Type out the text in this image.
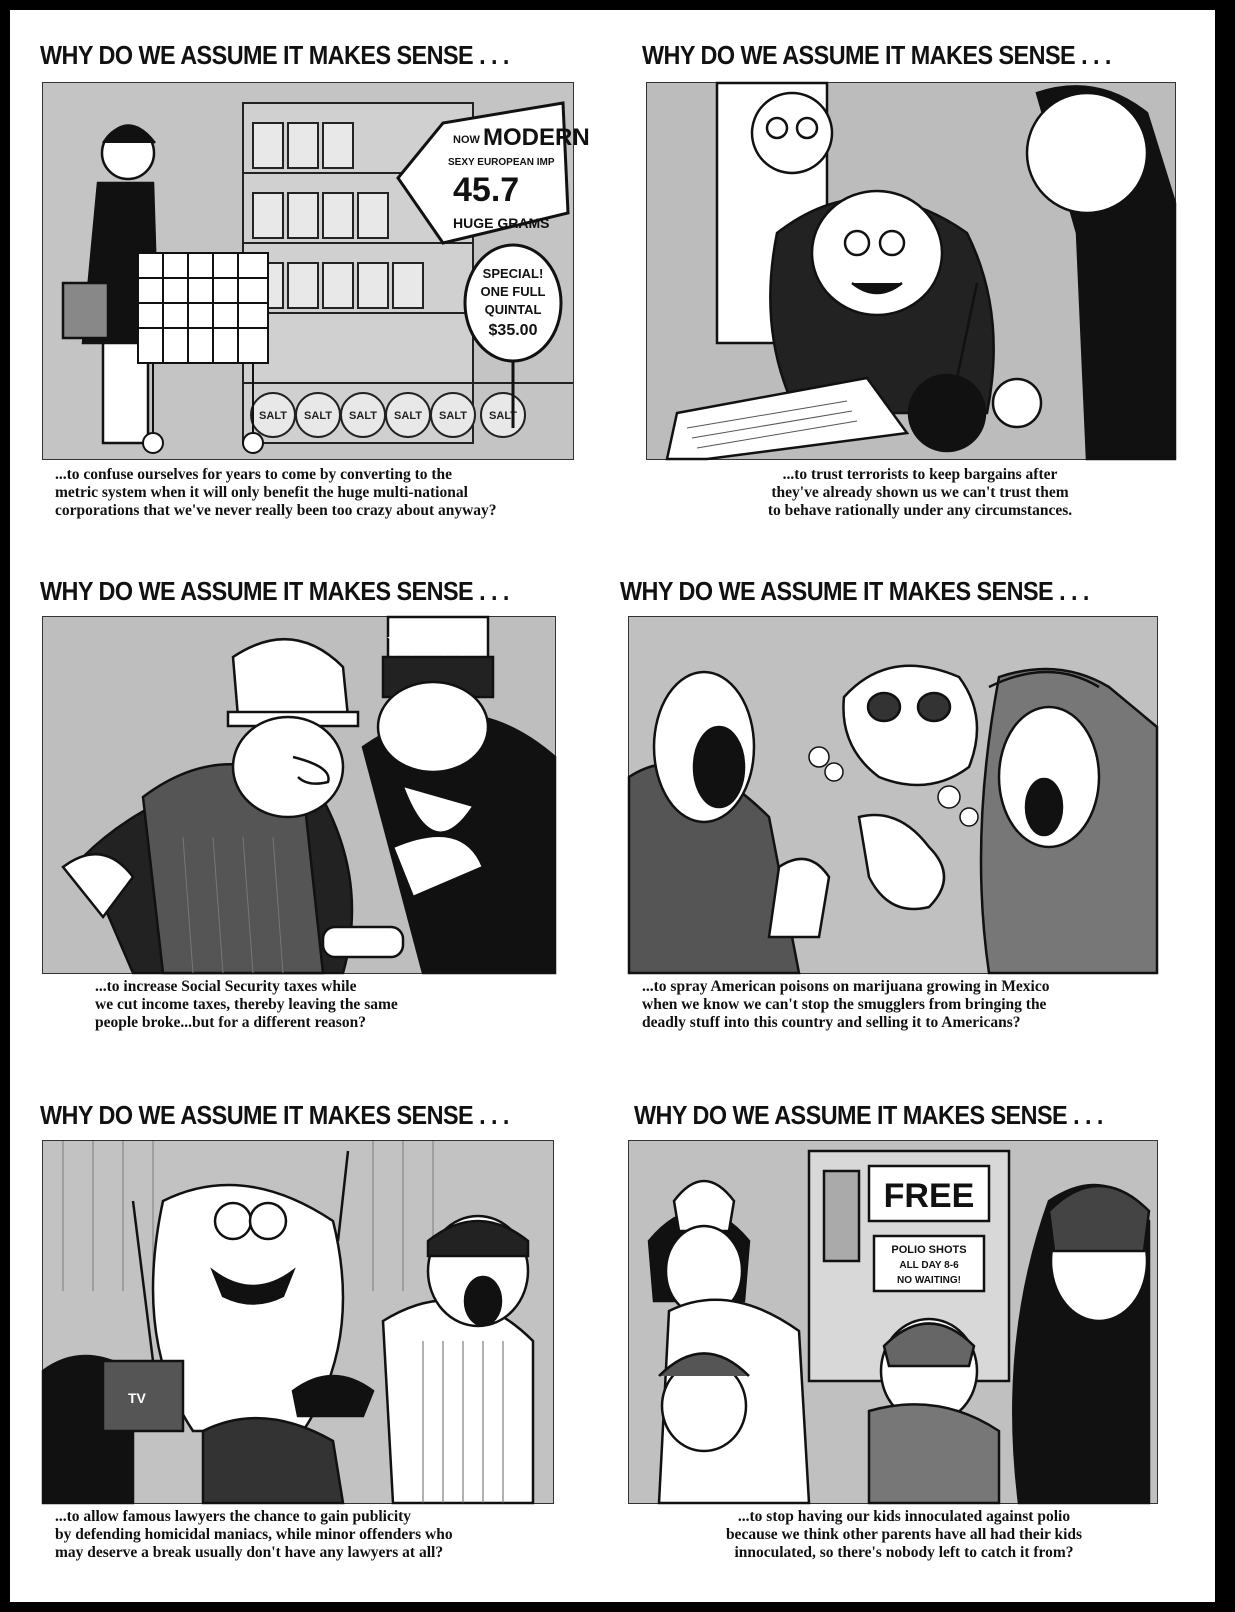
WHY DO WE ASSUME IT MAKES SENSE . . .
SALT SALT SALT SALT SALT SALT
NOW MODERN
SEXY EUROPEAN IMP
45.7
HUGE GRAMS
SPECIAL!
ONE FULL
QUINTAL
$35.00
...to confuse ourselves for years to come by converting to the
metric system when it will only benefit the huge multi-national
corporations that we've never really been too crazy about anyway?
WHY DO WE ASSUME IT MAKES SENSE . . .
...to trust terrorists to keep bargains after
they've already shown us we can't trust them
to behave rationally under any circumstances.
WHY DO WE ASSUME IT MAKES SENSE . . .
...to increase Social Security taxes while
we cut income taxes, thereby leaving the same
people broke...but for a different reason?
WHY DO WE ASSUME IT MAKES SENSE . . .
...to spray American poisons on marijuana growing in Mexico
when we know we can't stop the smugglers from bringing the
deadly stuff into this country and selling it to Americans?
WHY DO WE ASSUME IT MAKES SENSE . . .
TV
...to allow famous lawyers the chance to gain publicity
by defending homicidal maniacs, while minor offenders who
may deserve a break usually don't have any lawyers at all?
WHY DO WE ASSUME IT MAKES SENSE . . .
FREE
POLIO SHOTS
ALL DAY 8-6
NO WAITING!
...to stop having our kids innoculated against polio
because we think other parents have all had their kids
innoculated, so there's nobody left to catch it from?
